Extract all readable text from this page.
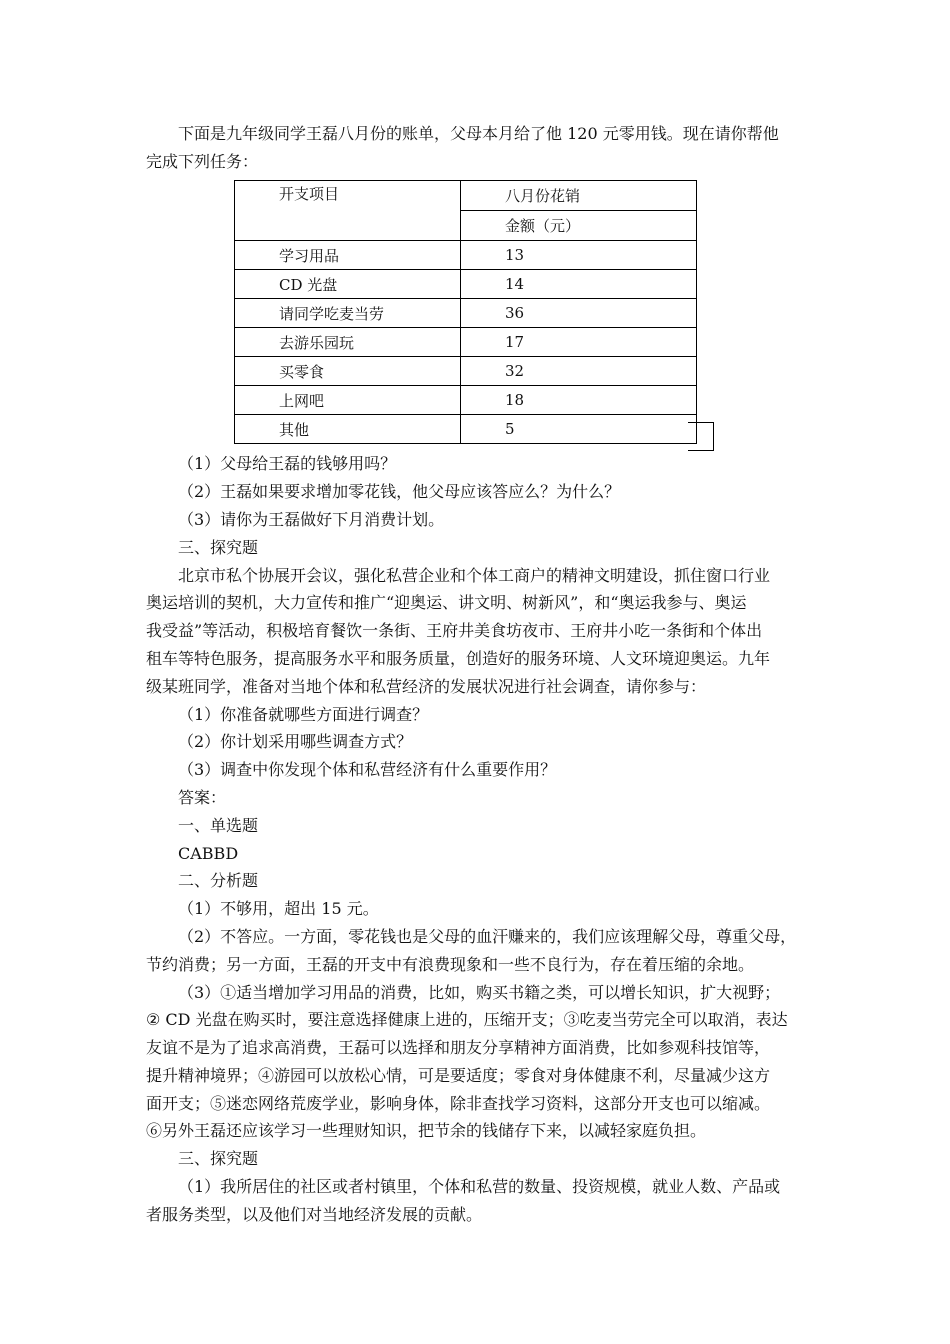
下面是九年级同学王磊八月份的账单，父母本月给了他 120 元零用钱。现在请你帮他
完成下列任务：
开支项目	八月份花销
	金额（元）
学习用品	13
CD 光盘	14
请同学吃麦当劳	36
去游乐园玩	17
买零食	32
上网吧	18
其他	5
（1）父母给王磊的钱够用吗？
（2）王磊如果要求增加零花钱，他父母应该答应么？为什么？
（3）请你为王磊做好下月消费计划。
三、探究题
北京市私个协展开会议，强化私营企业和个体工商户的精神文明建设，抓住窗口行业
奥运培训的契机，大力宣传和推广“迎奥运、讲文明、树新风”，和“奥运我参与、奥运
我受益”等活动，积极培育餐饮一条街、王府井美食坊夜市、王府井小吃一条街和个体出
租车等特色服务，提高服务水平和服务质量，创造好的服务环境、人文环境迎奥运。九年
级某班同学，准备对当地个体和私营经济的发展状况进行社会调查，请你参与：
（1）你准备就哪些方面进行调查？
（2）你计划采用哪些调查方式？
（3）调查中你发现个体和私营经济有什么重要作用？
答案：
一、单选题
CABBD
二、分析题
（1）不够用，超出 15 元。
（2）不答应。一方面，零花钱也是父母的血汗赚来的，我们应该理解父母，尊重父母，
节约消费；另一方面，王磊的开支中有浪费现象和一些不良行为，存在着压缩的余地。
（3）①适当增加学习用品的消费，比如，购买书籍之类，可以增长知识，扩大视野；
② CD 光盘在购买时，要注意选择健康上进的，压缩开支；③吃麦当劳完全可以取消，表达
友谊不是为了追求高消费，王磊可以选择和朋友分享精神方面消费，比如参观科技馆等，
提升精神境界；④游园可以放松心情，可是要适度；零食对身体健康不利，尽量减少这方
面开支；⑤迷恋网络荒废学业，影响身体，除非查找学习资料，这部分开支也可以缩减。
⑥另外王磊还应该学习一些理财知识，把节余的钱储存下来，以减轻家庭负担。
三、探究题
（1）我所居住的社区或者村镇里，个体和私营的数量、投资规模，就业人数、产品或
者服务类型，以及他们对当地经济发展的贡献。
